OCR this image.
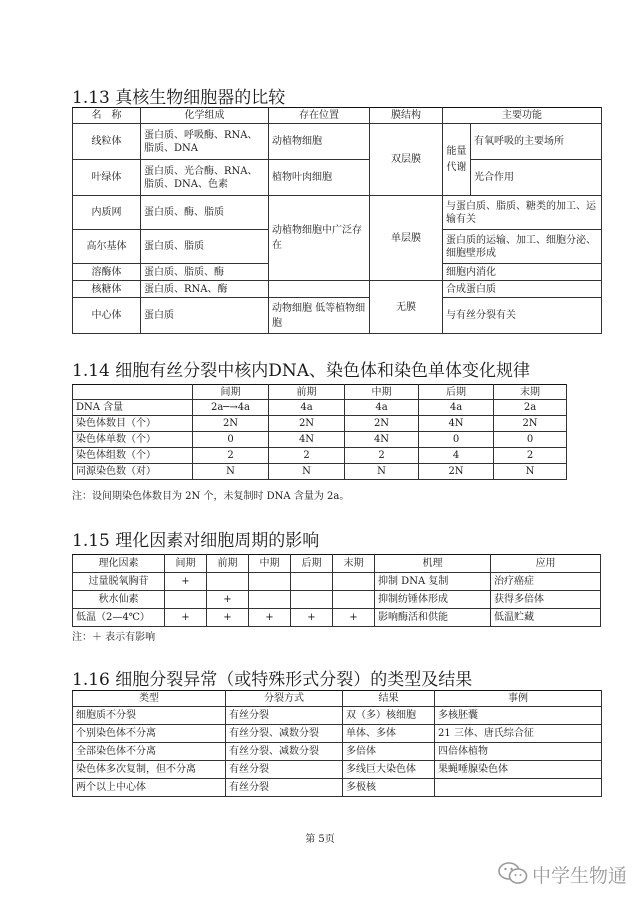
1.13 真核生物细胞器的比较
名　称	化学组成	存在位置	膜结构	主要功能	
线粒体	蛋白质、呼吸酶、RNA、脂质、DNA	动植物细胞	双层膜	能量代谢	有氧呼吸的主要场所
叶绿体	蛋白质、光合酶、RNA、脂质、DNA、色素	植物叶肉细胞			光合作用
内质网	蛋白质、酶、脂质	动植物细胞中广泛存在	单层膜	与蛋白质、脂质、糖类的加工、运输有关	
高尔基体	蛋白质、脂质			蛋白质的运输、加工、细胞分泌、细胞壁形成	
溶酶体	蛋白质、脂质、酶			细胞内消化	
核糖体	蛋白质、RNA、酶		无膜	合成蛋白质	
中心体	蛋白质	动物细胞 低等植物细胞		与有丝分裂有关	
1.14 细胞有丝分裂中核内DNA、染色体和染色单体变化规律
	间期	前期	中期	后期	末期
DNA 含量	2a─→4a	4a	4a	4a	2a
染色体数目（个）	2N	2N	2N	4N	2N
染色体单数（个）	0	4N	4N	0	0
染色体组数（个）	2	2	2	4	2
同源染色数（对）	N	N	N	2N	N
注：设间期染色体数目为 2N 个，未复制时 DNA 含量为 2a。
1.15 理化因素对细胞周期的影响
理化因素	间期	前期	中期	后期	末期	机理	应用
过量脱氧胸苷	+					抑制 DNA 复制	治疗癌症
秋水仙素		+				抑制纺锤体形成	获得多倍体
低温（2—4℃）	+	+	+	+	+	影响酶活和供能	低温贮藏
注：＋ 表示有影响
1.16 细胞分裂异常（或特殊形式分裂）的类型及结果
类型	分裂方式	结果	事例
细胞质不分裂	有丝分裂	双（多）核细胞	多核胚囊
个别染色体不分离	有丝分裂、减数分裂	单体、多体	21 三体、唐氏综合征
全部染色体不分离	有丝分裂、减数分裂	多倍体	四倍体植物
染色体多次复制，但不分离	有丝分裂	多线巨大染色体	果蝇唾腺染色体
两个以上中心体	有丝分裂	多极核	
第 5页
中学生物通
